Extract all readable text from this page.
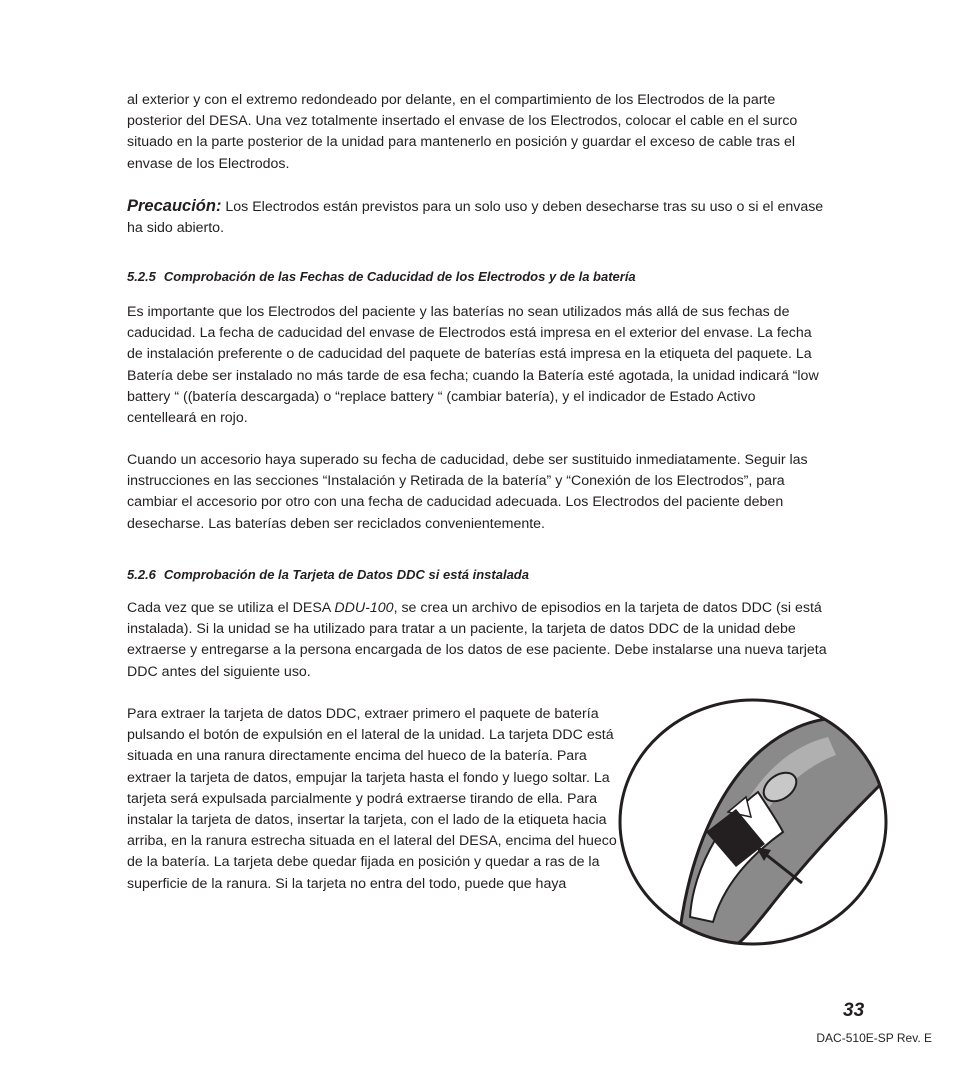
al exterior y con el extremo redondeado por delante, en el compartimiento de los Electrodos de la parte posterior del DESA. Una vez totalmente insertado el envase de los Electrodos, colocar el cable en el surco situado en la parte posterior de la unidad para mantenerlo en posición y guardar el exceso de cable tras el envase de los Electrodos.

Precaución: Los Electrodos están previstos para un solo uso y deben desecharse tras su uso o si el envase ha sido abierto.

5.2.5 Comprobación de las Fechas de Caducidad de los Electrodos y de la batería

Es importante que los Electrodos del paciente y las baterías no sean utilizados más allá de sus fechas de caducidad. La fecha de caducidad del envase de Electrodos está impresa en el exterior del envase. La fecha de instalación preferente o de caducidad del paquete de baterías está impresa en la etiqueta del paquete. La Batería debe ser instalado no más tarde de esa fecha; cuando la Batería esté agotada, la unidad indicará “low battery “ ((batería descargada) o “replace battery “ (cambiar batería), y el indicador de Estado Activo centelleará en rojo.

Cuando un accesorio haya superado su fecha de caducidad, debe ser sustituido inmediatamente. Seguir las instrucciones en las secciones “Instalación y Retirada de la batería” y “Conexión de los Electrodos”, para cambiar el accesorio por otro con una fecha de caducidad adecuada. Los Electrodos del paciente deben desecharse. Las baterías deben ser reciclados convenientemente.

5.2.6 Comprobación de la Tarjeta de Datos DDC si está instalada

Cada vez que se utiliza el DESA DDU-100, se crea un archivo de episodios en la tarjeta de datos DDC (si está instalada). Si la unidad se ha utilizado para tratar a un paciente, la tarjeta de datos DDC de la unidad debe extraerse y entregarse a la persona encargada de los datos de ese paciente. Debe instalarse una nueva tarjeta DDC antes del siguiente uso.

Para extraer la tarjeta de datos DDC, extraer primero el paquete de batería pulsando el botón de expulsión en el lateral de la unidad. La tarjeta DDC está situada en una ranura directamente encima del hueco de la batería. Para extraer la tarjeta de datos, empujar la tarjeta hasta el fondo y luego soltar. La tarjeta será expulsada parcialmente y podrá extraerse tirando de ella. Para instalar la tarjeta de datos, insertar la tarjeta, con el lado de la etiqueta hacia arriba, en la ranura estrecha situada en el lateral del DESA, encima del hueco de la batería. La tarjeta debe quedar fijada en posición y quedar a ras de la superficie de la ranura. Si la tarjeta no entra del todo, puede que haya

33
DAC-510E-SP Rev. E
